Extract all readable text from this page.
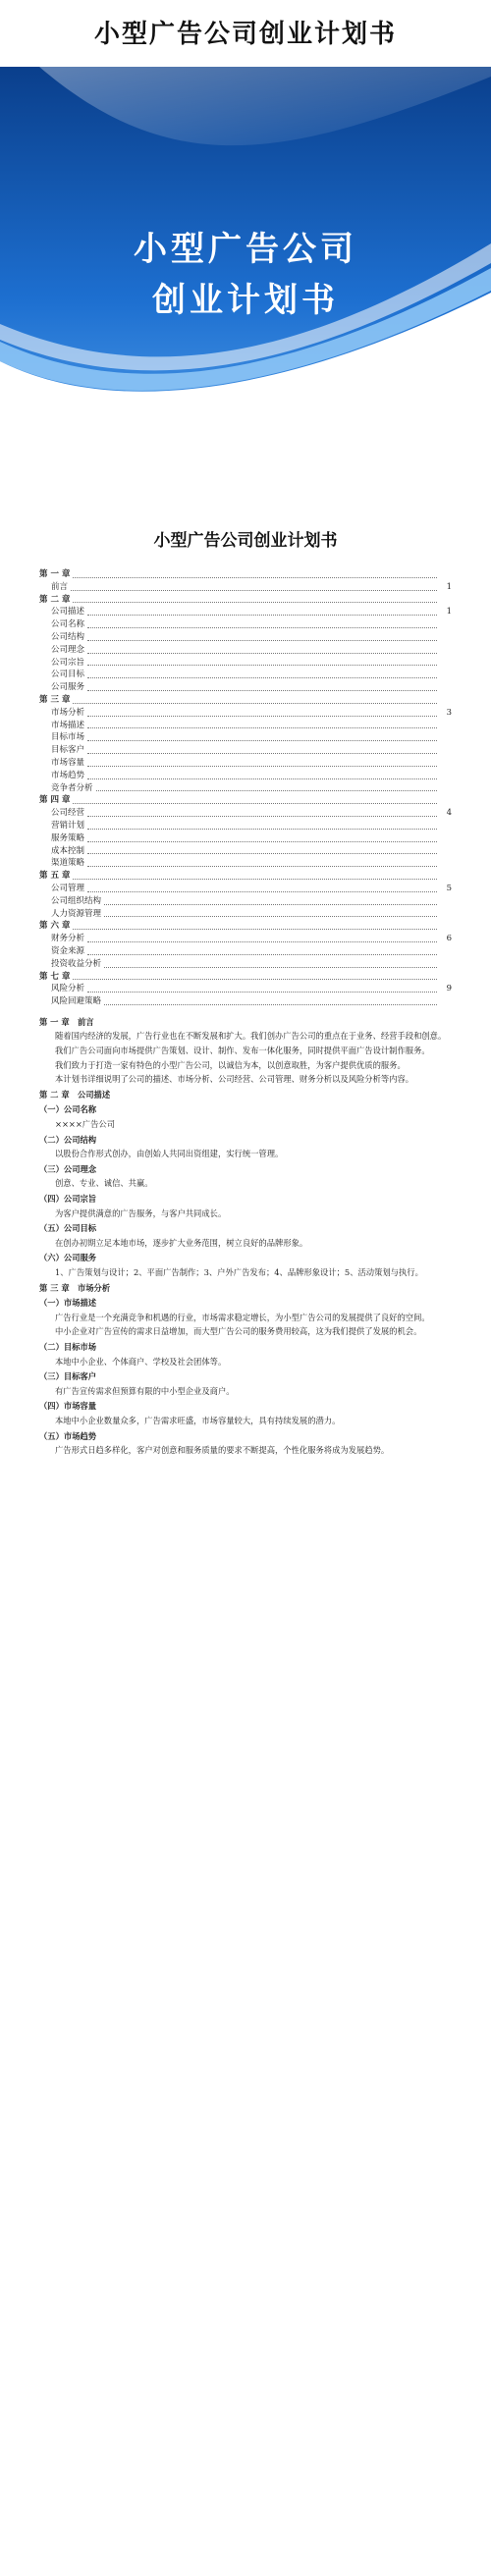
小型广告公司创业计划书
小型广告公司
创业计划书
小型广告公司创业计划书
第 一 章
前言	1
第 二 章
公司描述	1
公司名称
公司结构
公司理念
公司宗旨
公司目标
公司服务
第 三 章
市场分析	3
市场描述
目标市场
目标客户
市场容量
市场趋势
竞争者分析
第 四 章
公司经营	4
营销计划
服务策略
成本控制
渠道策略
第 五 章
公司管理	5
公司组织结构
人力资源管理
第 六 章
财务分析	6
资金来源
投资收益分析
第 七 章
风险分析	9
风险回避策略

第 一 章　前言

随着国内经济的发展，广告行业也在不断发展和扩大。我们创办广告公司的重点在于业务、经营手段和创意。

我们广告公司面向市场提供广告策划、设计、制作、发布一体化服务，同时提供平面广告设计制作服务。

我们致力于打造一家有特色的小型广告公司，以诚信为本，以创意取胜，为客户提供优质的服务。

本计划书详细说明了公司的描述、市场分析、公司经营、公司管理、财务分析以及风险分析等内容。

第 二 章　公司描述

（一）公司名称

××××广告公司

（二）公司结构

以股份合作形式创办，由创始人共同出资组建，实行统一管理。

（三）公司理念

创意、专业、诚信、共赢。

（四）公司宗旨

为客户提供满意的广告服务，与客户共同成长。

（五）公司目标

在创办初期立足本地市场，逐步扩大业务范围，树立良好的品牌形象。

（六）公司服务

1、广告策划与设计；2、平面广告制作；3、户外广告发布；4、品牌形象设计；5、活动策划与执行。

第 三 章　市场分析

（一）市场描述

广告行业是一个充满竞争和机遇的行业，市场需求稳定增长，为小型广告公司的发展提供了良好的空间。

中小企业对广告宣传的需求日益增加，而大型广告公司的服务费用较高，这为我们提供了发展的机会。

（二）目标市场

本地中小企业、个体商户、学校及社会团体等。

（三）目标客户

有广告宣传需求但预算有限的中小型企业及商户。

（四）市场容量

本地中小企业数量众多，广告需求旺盛，市场容量较大，具有持续发展的潜力。

（五）市场趋势

广告形式日趋多样化，客户对创意和服务质量的要求不断提高，个性化服务将成为发展趋势。
